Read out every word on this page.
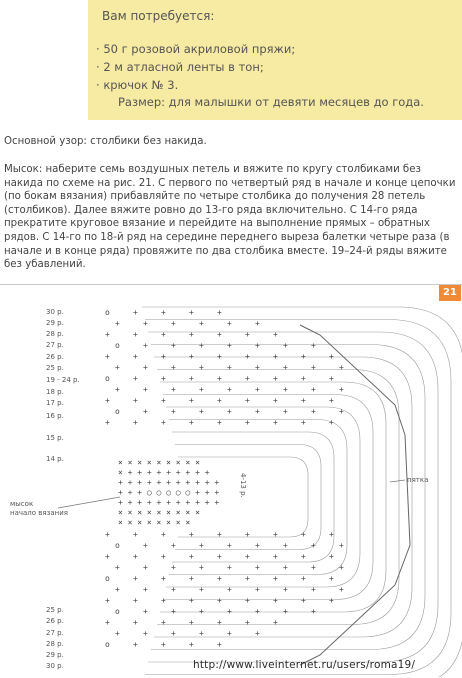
Вам потребуется:
· 50 г розовой акриловой пряжи;
· 2 м атласной ленты в тон;
· крючок № 3.
Размер: для малышки от девяти месяцев до года.

Основной узор: столбики без накида.

Мысок: наберите семь воздушных петель и вяжите по кругу столбиками без накида по схеме на рис. 21. С первого по четвертый ряд в начале и конце цепочки (по бокам вязания) прибавляйте по четыре столбика до получения 28 петель (столбиков). Далее вяжите ровно до 13-го ряда включительно. С 14-го ряда прекратите круговое вязание и перейдите на выполнение прямых – обратных рядов. С 14-го по 18-й ряд на середине переднего выреза балетки четыре раза (в начале и в конце ряда) провяжите по два столбика вместе. 19–24-й ряды вяжите без убавлений.

21
× × × × × × × × ×
× + + + + + + + + +
+ + + + + + + + + + +
+ + + ○ ○ ○ ○ ○ + + +
+ + + + + + + + + + +
× × × × × × × × ×
× × × × × × × ×
o
o
+
+
+
+
+
+
+
+
+
+
+
+
+
+
+
+
+
+
+
+
+
+
+
+
+
+
+
+
+
+
+
+
+
+
o
o
+
+
+
+
+
+
+
+
+
+
+
+
+
+
+
+
+
+
+
+
+
+
+
+
+
+
+
+
+
+
+
+
+
+
+
+
+
+
+
+
+
+
+
+
+
+
+
+
+
+
o
o
+
+
+
+
+
+
+
+
+
+
+
+
+
+
+
+
+
+
+
+
+
+
+
+
+
+
+
+
+
+
+
+
+
+
+
+
+
+
+
+
+
+
+
+
+
+
+
+
+
+
+
+
o
o
+
+
+
+
+
+
+
+
+
+
+
+
+
+
+
+
+
+
+
+
+
+
+
+
+
+
+
+
+
+
+
+
+
+
30 р.
29 р.
28 р.
27 р.
26 р.
25 р.
19 - 24 р.
18 р.
17 р.
16 р.
15 р.
14 р.
25 р.
26 р.
27 р.
28 р.
29 р.
30 р.
мысок
начало вязания
пятка
4-13 р.
http://www.liveinternet.ru/users/roma19/
